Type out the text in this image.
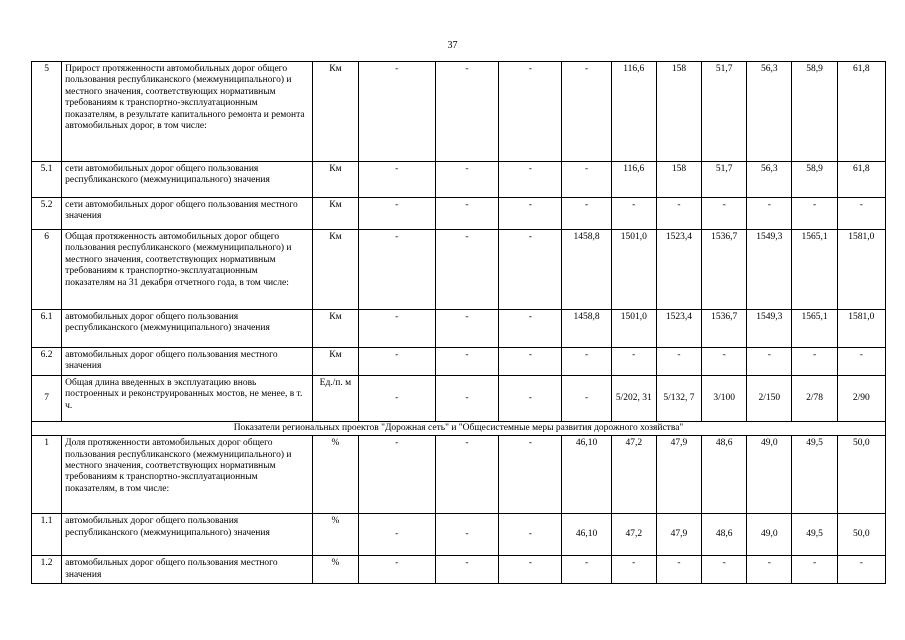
37
5	Прирост протяженности автомобильных дорог общего пользования республиканского (межмуниципального) и местного значения, соответствующих нормативным требованиям к транспортно-эксплуатационным показателям, в результате капитального ремонта и ремонта автомобильных дорог, в том числе:	Км	-	-	-	-	116,6	158	51,7	56,3	58,9	61,8
5.1	сети автомобильных дорог общего пользования республиканского (межмуниципального) значения	Км	-	-	-	-	116,6	158	51,7	56,3	58,9	61,8
5.2	сети автомобильных дорог общего пользования местного значения	Км	-	-	-	-	-	-	-	-	-	-
6	Общая протяженность автомобильных дорог общего пользования республиканского (межмуниципального) и местного значения, соответствующих нормативным требованиям к транспортно-эксплуатационным показателям на 31 декабря отчетного года, в том числе:	Км	-	-	-	1458,8	1501,0	1523,4	1536,7	1549,3	1565,1	1581,0
6.1	автомобильных дорог общего пользования республиканского (межмуниципального) значения	Км	-	-	-	1458,8	1501,0	1523,4	1536,7	1549,3	1565,1	1581,0
6.2	автомобильных дорог общего пользования местного значения	Км	-	-	-	-	-	-	-	-	-	-
7	Общая длина введенных в эксплуатацию вновь построенных и реконструированных мостов, не менее, в т. ч.	Ед./п. м	-	-	-	-	5/202, 31	5/132, 7	3/100	2/150	2/78	2/90
Показатели региональных проектов "Дорожная сеть" и "Общесистемные меры развития дорожного хозяйства"												
1	Доля протяженности автомобильных дорог общего пользования республиканского (межмуниципального) и местного значения, соответствующих нормативным требованиям к транспортно-эксплуатационным показателям, в том числе:	%	-	-	-	46,10	47,2	47,9	48,6	49,0	49,5	50,0
1.1	автомобильных дорог общего пользования республиканского (межмуниципального) значения	%	-	-	-	46,10	47,2	47,9	48,6	49,0	49,5	50,0
1.2	автомобильных дорог общего пользования местного значения	%	-	-	-	-	-	-	-	-	-	-
